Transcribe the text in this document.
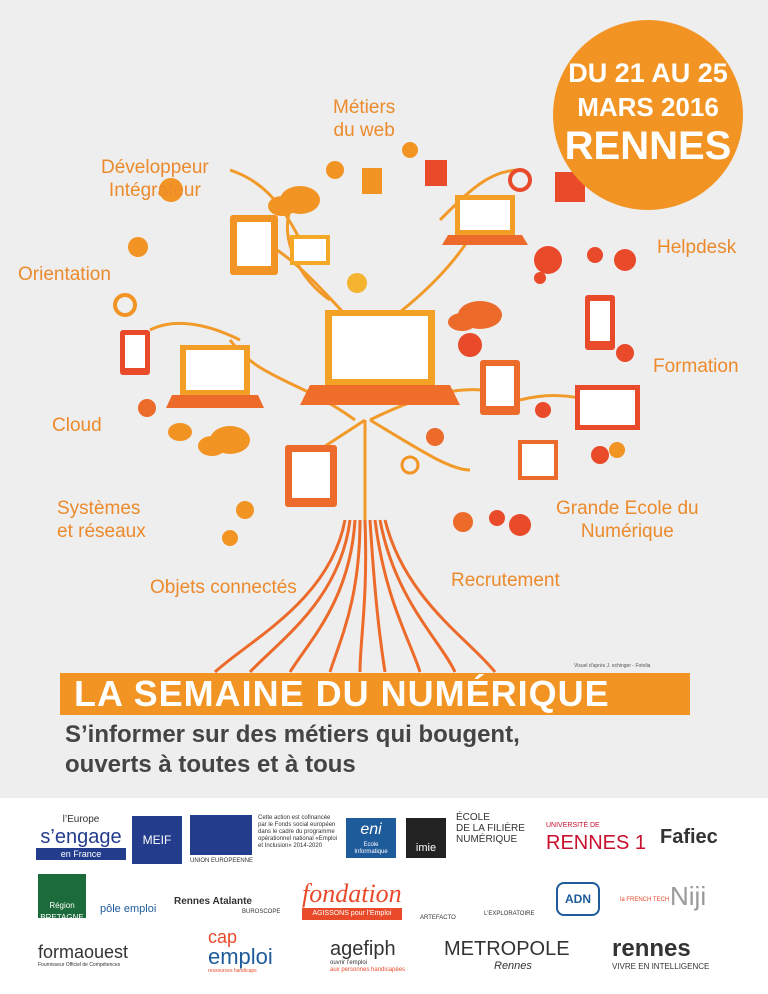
DU 21 AU 25
MARS 2016
RENNES
Métiers
du web
Développeur
Intégrateur
Helpdesk
Orientation
Formation
Cloud
Systèmes
et réseaux
Grande Ecole du
Numérique
Recrutement
Objets connectés
Visuel d'après J. echinger - Fotolia
LA SEMAINE DU NUMÉRIQUE
S’informer sur des métiers qui bougent,
ouverts à toutes et à tous
l’Europe
s’engage
en France
MEIF
UNION EUROPEENNE
Cette action est cofinancée par le Fonds social européen dans le cadre du programme opérationnel national «Emploi et Inclusion» 2014-2020
eni
Ecole Informatique	imie
ÉCOLE
DE LA FILIÈRE
NUMÉRIQUE
UNIVERSITÉ DE
RENNES 1 Fafiec
Région BRETAGNE
pôle emploi
Rennes Atalante
BUROSCOPE
fondation
AGISSONS pour l’Emploi
ARTEFACTO
L’EXPLORATOIRE
ADN	la FRENCH TECH Niji
formaouest
Fournisseur Officiel de Compétences
cap
emploi
ressources handicaps
agefiph
ouvrir l’emploi
aux personnes handicapées
METROPOLE
Rennes
rennes
VIVRE EN INTELLIGENCE
